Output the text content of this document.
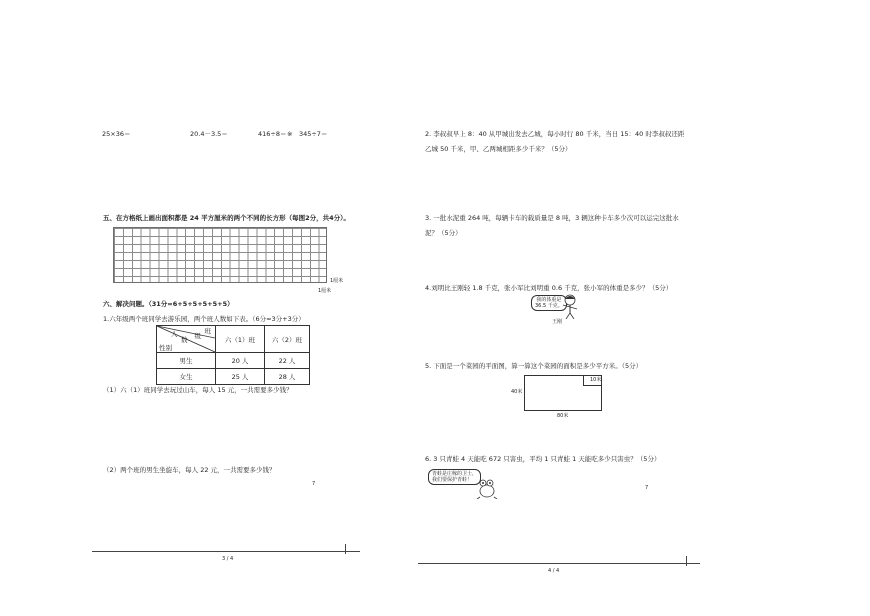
25×36＝	20.4－3.5＝	416÷8＝ ※　345÷7＝
五、在方格纸上画出面积都是 24 平方厘米的两个不同的长方形（每图2分，共4分）。
1厘米
1厘米
六、解决问题。（31分=6+5+5+5+5+5）
1.六年级两个班同学去游乐园，两个班人数如下表。（6分=3分+3分）
班
级
人
数
性别	六（1）班	六（2）班
男生	20 人	22 人
女生	25 人	28 人
（1）六（1）班同学去玩过山车，每人 15 元，一共需要多少钱？
（2）两个班的男生坐旋车，每人 22 元，一共需要多少钱？
7
3 / 4
2. 李叔叔早上 8：40 从甲城出发去乙城，每小时行 80 千米，当日 15：40 时李叔叔还距
乙城 50 千米，甲、乙两城相距多少千米？（5分）
3. 一批水泥重 264 吨，每辆卡车的载质量是 8 吨，3 辆这种卡车多少次可以运完这批水
泥？（5分）
4.刘明比王刚轻 1.8 千克，张小军比刘明重 0.6 千克，张小军的体重是多少？（5分）
我的体重是
36.5 千克。
王刚
5. 下面是一个菜园的平面图，算一算这个菜园的面积是多少平方米。（5分）
40米
10米
80米
6. 3 只青蛙 4 天能吃 672 只害虫，平均 1 只青蛙 1 天能吃多少只害虫？（5分）
青蛙是庄稼的卫士，
我们要保护青蛙！
7
4 / 4
